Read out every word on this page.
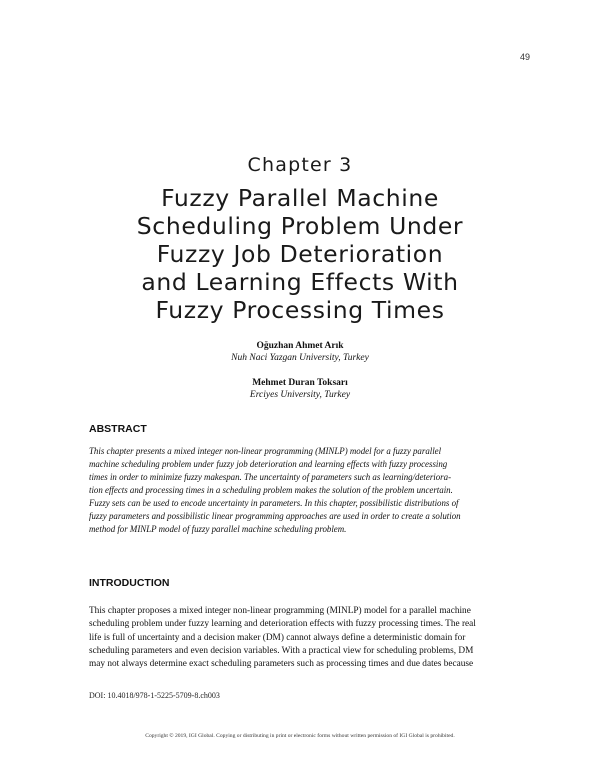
49
Chapter 3
Fuzzy Parallel Machine
Scheduling Problem Under
Fuzzy Job Deterioration
and Learning Effects With
Fuzzy Processing Times
Oğuzhan Ahmet Arık
Nuh Naci Yazgan University, Turkey
Mehmet Duran Toksarı
Erciyes University, Turkey
ABSTRACT

This chapter presents a mixed integer non-linear programming (MINLP) model for a fuzzy parallel
machine scheduling problem under fuzzy job deterioration and learning effects with fuzzy processing
times in order to minimize fuzzy makespan. The uncertainty of parameters such as learning/deteriora-
tion effects and processing times in a scheduling problem makes the solution of the problem uncertain.
Fuzzy sets can be used to encode uncertainty in parameters. In this chapter, possibilistic distributions of
fuzzy parameters and possibilistic linear programming approaches are used in order to create a solution
method for MINLP model of fuzzy parallel machine scheduling problem.

INTRODUCTION

This chapter proposes a mixed integer non-linear programming (MINLP) model for a parallel machine
scheduling problem under fuzzy learning and deterioration effects with fuzzy processing times. The real
life is full of uncertainty and a decision maker (DM) cannot always define a deterministic domain for
scheduling parameters and even decision variables. With a practical view for scheduling problems, DM
may not always determine exact scheduling parameters such as processing times and due dates because

DOI: 10.4018/978-1-5225-5709-8.ch003
Copyright © 2019, IGI Global. Copying or distributing in print or electronic forms without written permission of IGI Global is prohibited.
